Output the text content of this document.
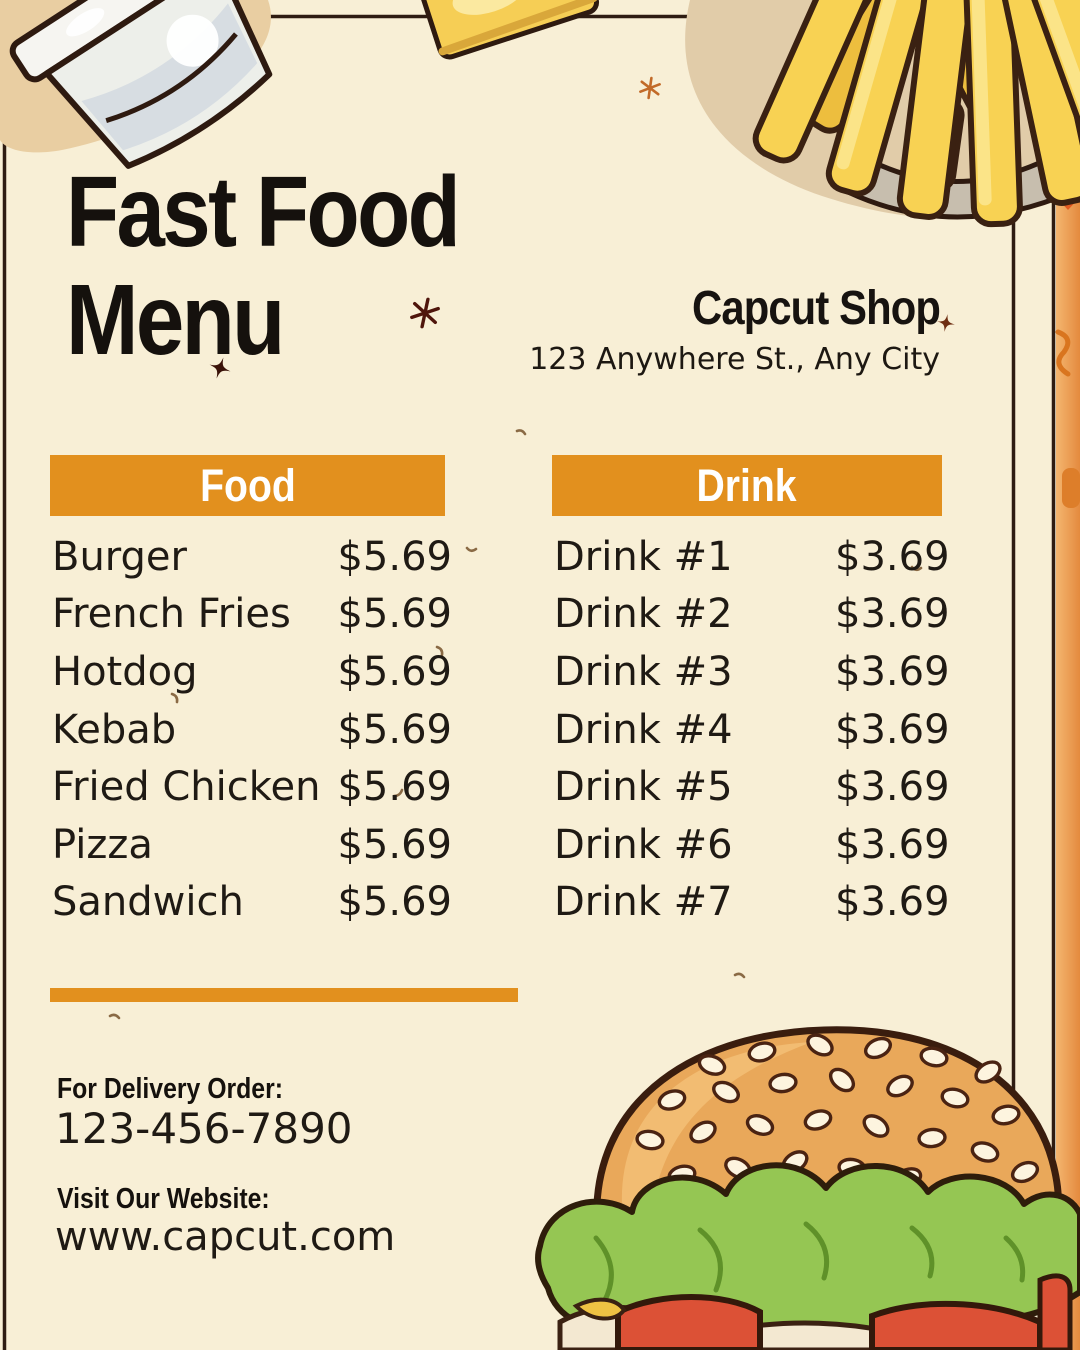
Fast Food
Menu	Capcut Shop
123 Anywhere St., Any City
Food
Burger	$5.69
French Fries	$5.69
Hotdog	$5.69
Kebab	$5.69
Fried Chicken $5.69
Pizza	$5.69
Sandwich	$5.69
Drink
Drink #1	$3.69
Drink #2	$3.69
Drink #3	$3.69
Drink #4	$3.69
Drink #5	$3.69
Drink #6	$3.69
Drink #7	$3.69
For Delivery Order:
123-456-7890
Visit Our Website:
www.capcut.com
